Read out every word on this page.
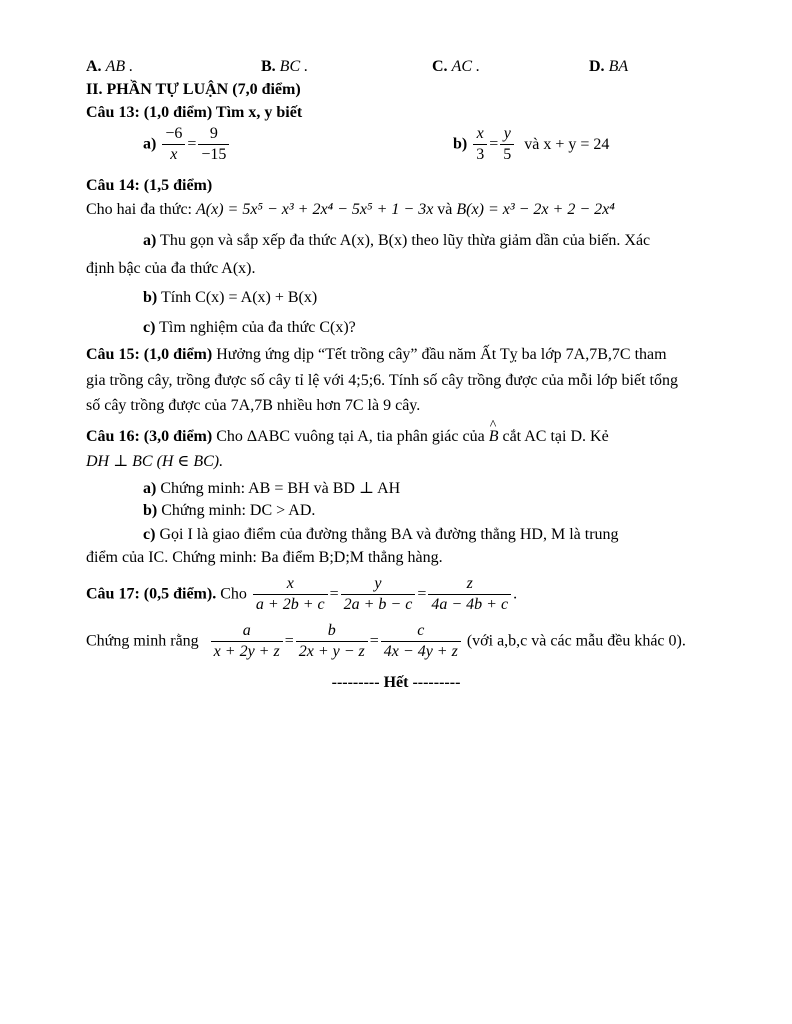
A. AB .	B. BC .	C. AC .	D. BA
II. PHẦN TỰ LUẬN (7,0 điểm)
Câu 13: (1,0 điểm) Tìm x, y biết
$a) \frac{-6}{x} = \frac{9}{-15}$	$b) \frac{x}{3} = \frac{y}{5}$ và x + y = 24
Câu 14: (1,5 điểm)
Cho hai đa thức: A(x) = 5x⁵ − x³ + 2x⁴ − 5x⁵ + 1 − 3x và B(x) = x³ − 2x + 2 − 2x⁴
a) Thu gọn và sắp xếp đa thức A(x), B(x) theo lũy thừa giảm dần của biến. Xác
định bậc của đa thức A(x).
b) Tính C(x) = A(x) + B(x)
c) Tìm nghiệm của đa thức C(x)?
Câu 15: (1,0 điểm) Hưởng ứng dịp “Tết trồng cây” đầu năm Ất Tỵ ba lớp 7A,7B,7C tham
gia trồng cây, trồng được số cây tỉ lệ với 4;5;6. Tính số cây trồng được của mỗi lớp biết tổng
số cây trồng được của 7A,7B nhiều hơn 7C là 9 cây.
Câu 16: (3,0 điểm) Cho ΔABC vuông tại A, tia phân giác của ^ B cắt AC tại D. Kẻ
DH ⊥ BC (H ∈ BC).
a) Chứng minh: AB = BH và BD ⊥ AH
b) Chứng minh: DC > AD.
c) Gọi I là giao điểm của đường thẳng BA và đường thẳng HD, M là trung
điểm của IC. Chứng minh: Ba điểm B;D;M thẳng hàng.
Câu 17: (0,5 điểm). Cho $\frac{x}{a + 2b + c} = \frac{y}{2a + b - c} = \frac{z}{4a - 4b + c}$ .
Chứng minh rằng $\frac{a}{x + 2y + z} = \frac{b}{2x + y - z} = \frac{c}{4x - 4y + z}$ (với a,b,c và các mẫu đều khác 0).
--------- Hết ---------
